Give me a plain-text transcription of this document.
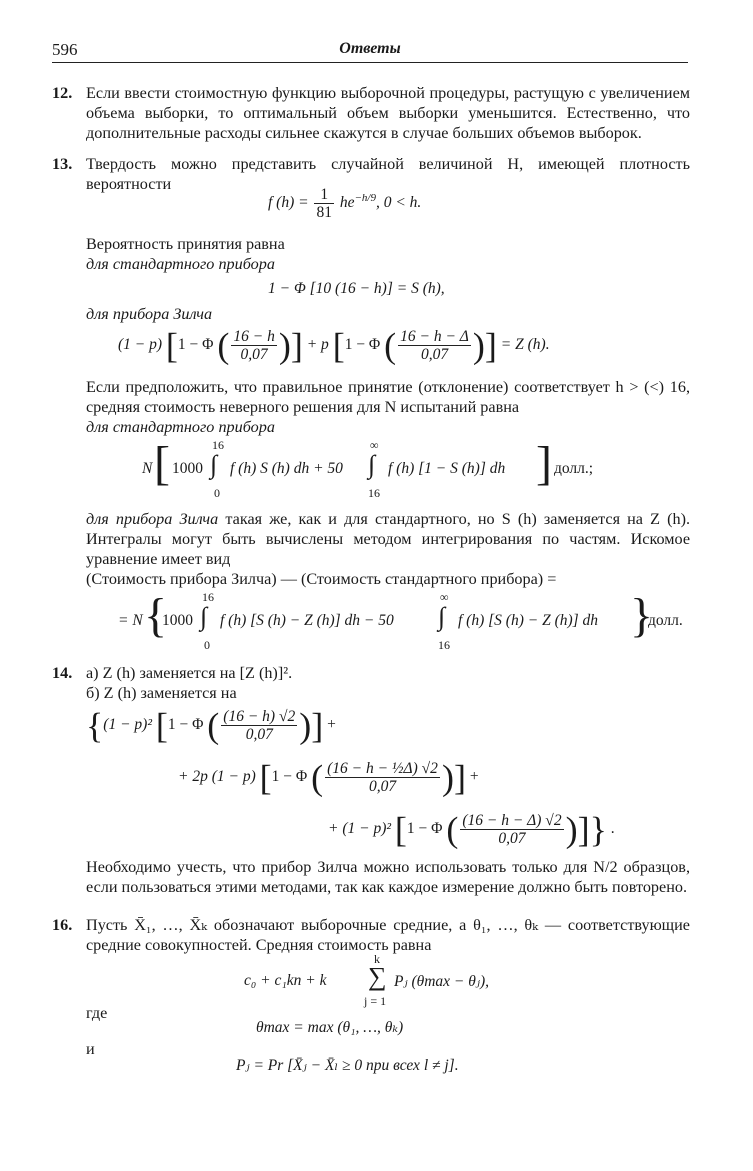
596	Ответы
12. Если ввести стоимостную функцию выборочной процедуры, растущую с увеличением объема выборки, то оптимальный объем выборки уменьшится. Естественно, что дополнительные расходы сильнее скажутся в случае больших объемов выборок.
13. Твердость можно представить случайной величиной H, имеющей плотность вероятности
f $(h) = \frac{1}{81} he^{-h/9}$, 0 < h.
Вероятность принятия равна
для стандартного прибора
1 − Φ [10 (16 − h)] = S (h),
для прибора Зилча
(1 − p) [1 − Φ ( $\frac{16 - h}{0,07}$ )] + p [1 − Φ ( $\frac{16 - h - \Delta}{0,07}$ )] = Z (h).
Если предположить, что правильное принятие (отклонение) соответствует h > (<) 16, средняя стоимость неверного решения для N испытаний равна
для стандартного прибора
N [ 1000 ∫
16
0
f (h) S (h) dh + 50 ∫
∞
16
f (h) [1 − S (h)] dh ] долл.;
для прибора Зилча такая же, как и для стандартного, но S (h) заменяется на Z (h). Интегралы могут быть вычислены методом интегрирования по частям. Искомое уравнение имеет вид
(Стоимость прибора Зилча) — (Стоимость стандартного прибора) =
= N {
1000 ∫
16
0
f (h) [S (h) − Z (h)] dh − 50 ∫
∞
16
f (h) [S (h) − Z (h)] dh }
долл.
14. а) Z (h) заменяется на [Z (h)]².
б) Z (h) заменяется на
{(1 − p)² [1 − Φ ( $\frac{(16 - h) √2}{0,07}$ )] +
+ 2p (1 − p) [1 − Φ ( $\frac{\text{(16 − h − ½Δ) √2}}{0,07}$ )] +
+ (1 − p)² [1 − Φ ( $\frac{(16 - h - \Delta) √2}{0,07}$ )]} .
Необходимо учесть, что прибор Зилча можно использовать только для N/2 образцов, если пользоваться этими методами, так как каждое измерение должно быть повторено.
16. Пусть X̄₁, …, X̄ₖ обозначают выборочные средние, а θ₁, …, θₖ — соответствующие средние совокупностей. Средняя стоимость равна
c₀ + c₁kn + k
k
∑
j = 1
Pⱼ (θmax − θⱼ),
где
θmax = max (θ₁, …, θₖ)
и
Pⱼ = Pr [X̄ⱼ − X̄ₗ ≥ 0 при всех l ≠ j].
